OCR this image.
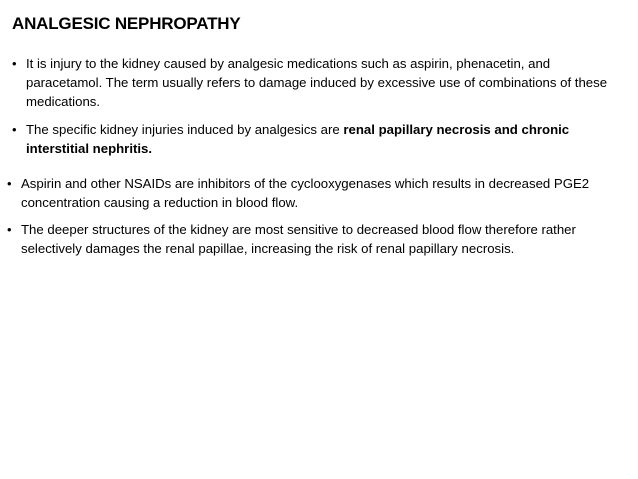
ANALGESIC NEPHROPATHY
• It is injury to the kidney caused by analgesic medications such as aspirin, phenacetin, and paracetamol. The term usually refers to damage induced by excessive use of combinations of these medications.
• The specific kidney injuries induced by analgesics are renal papillary necrosis and chronic interstitial nephritis.
• Aspirin and other NSAIDs are inhibitors of the cyclooxygenases which results in decreased PGE2 concentration causing a reduction in blood flow.
• The deeper structures of the kidney are most sensitive to decreased blood flow therefore rather selectively damages the renal papillae, increasing the risk of renal papillary necrosis.
